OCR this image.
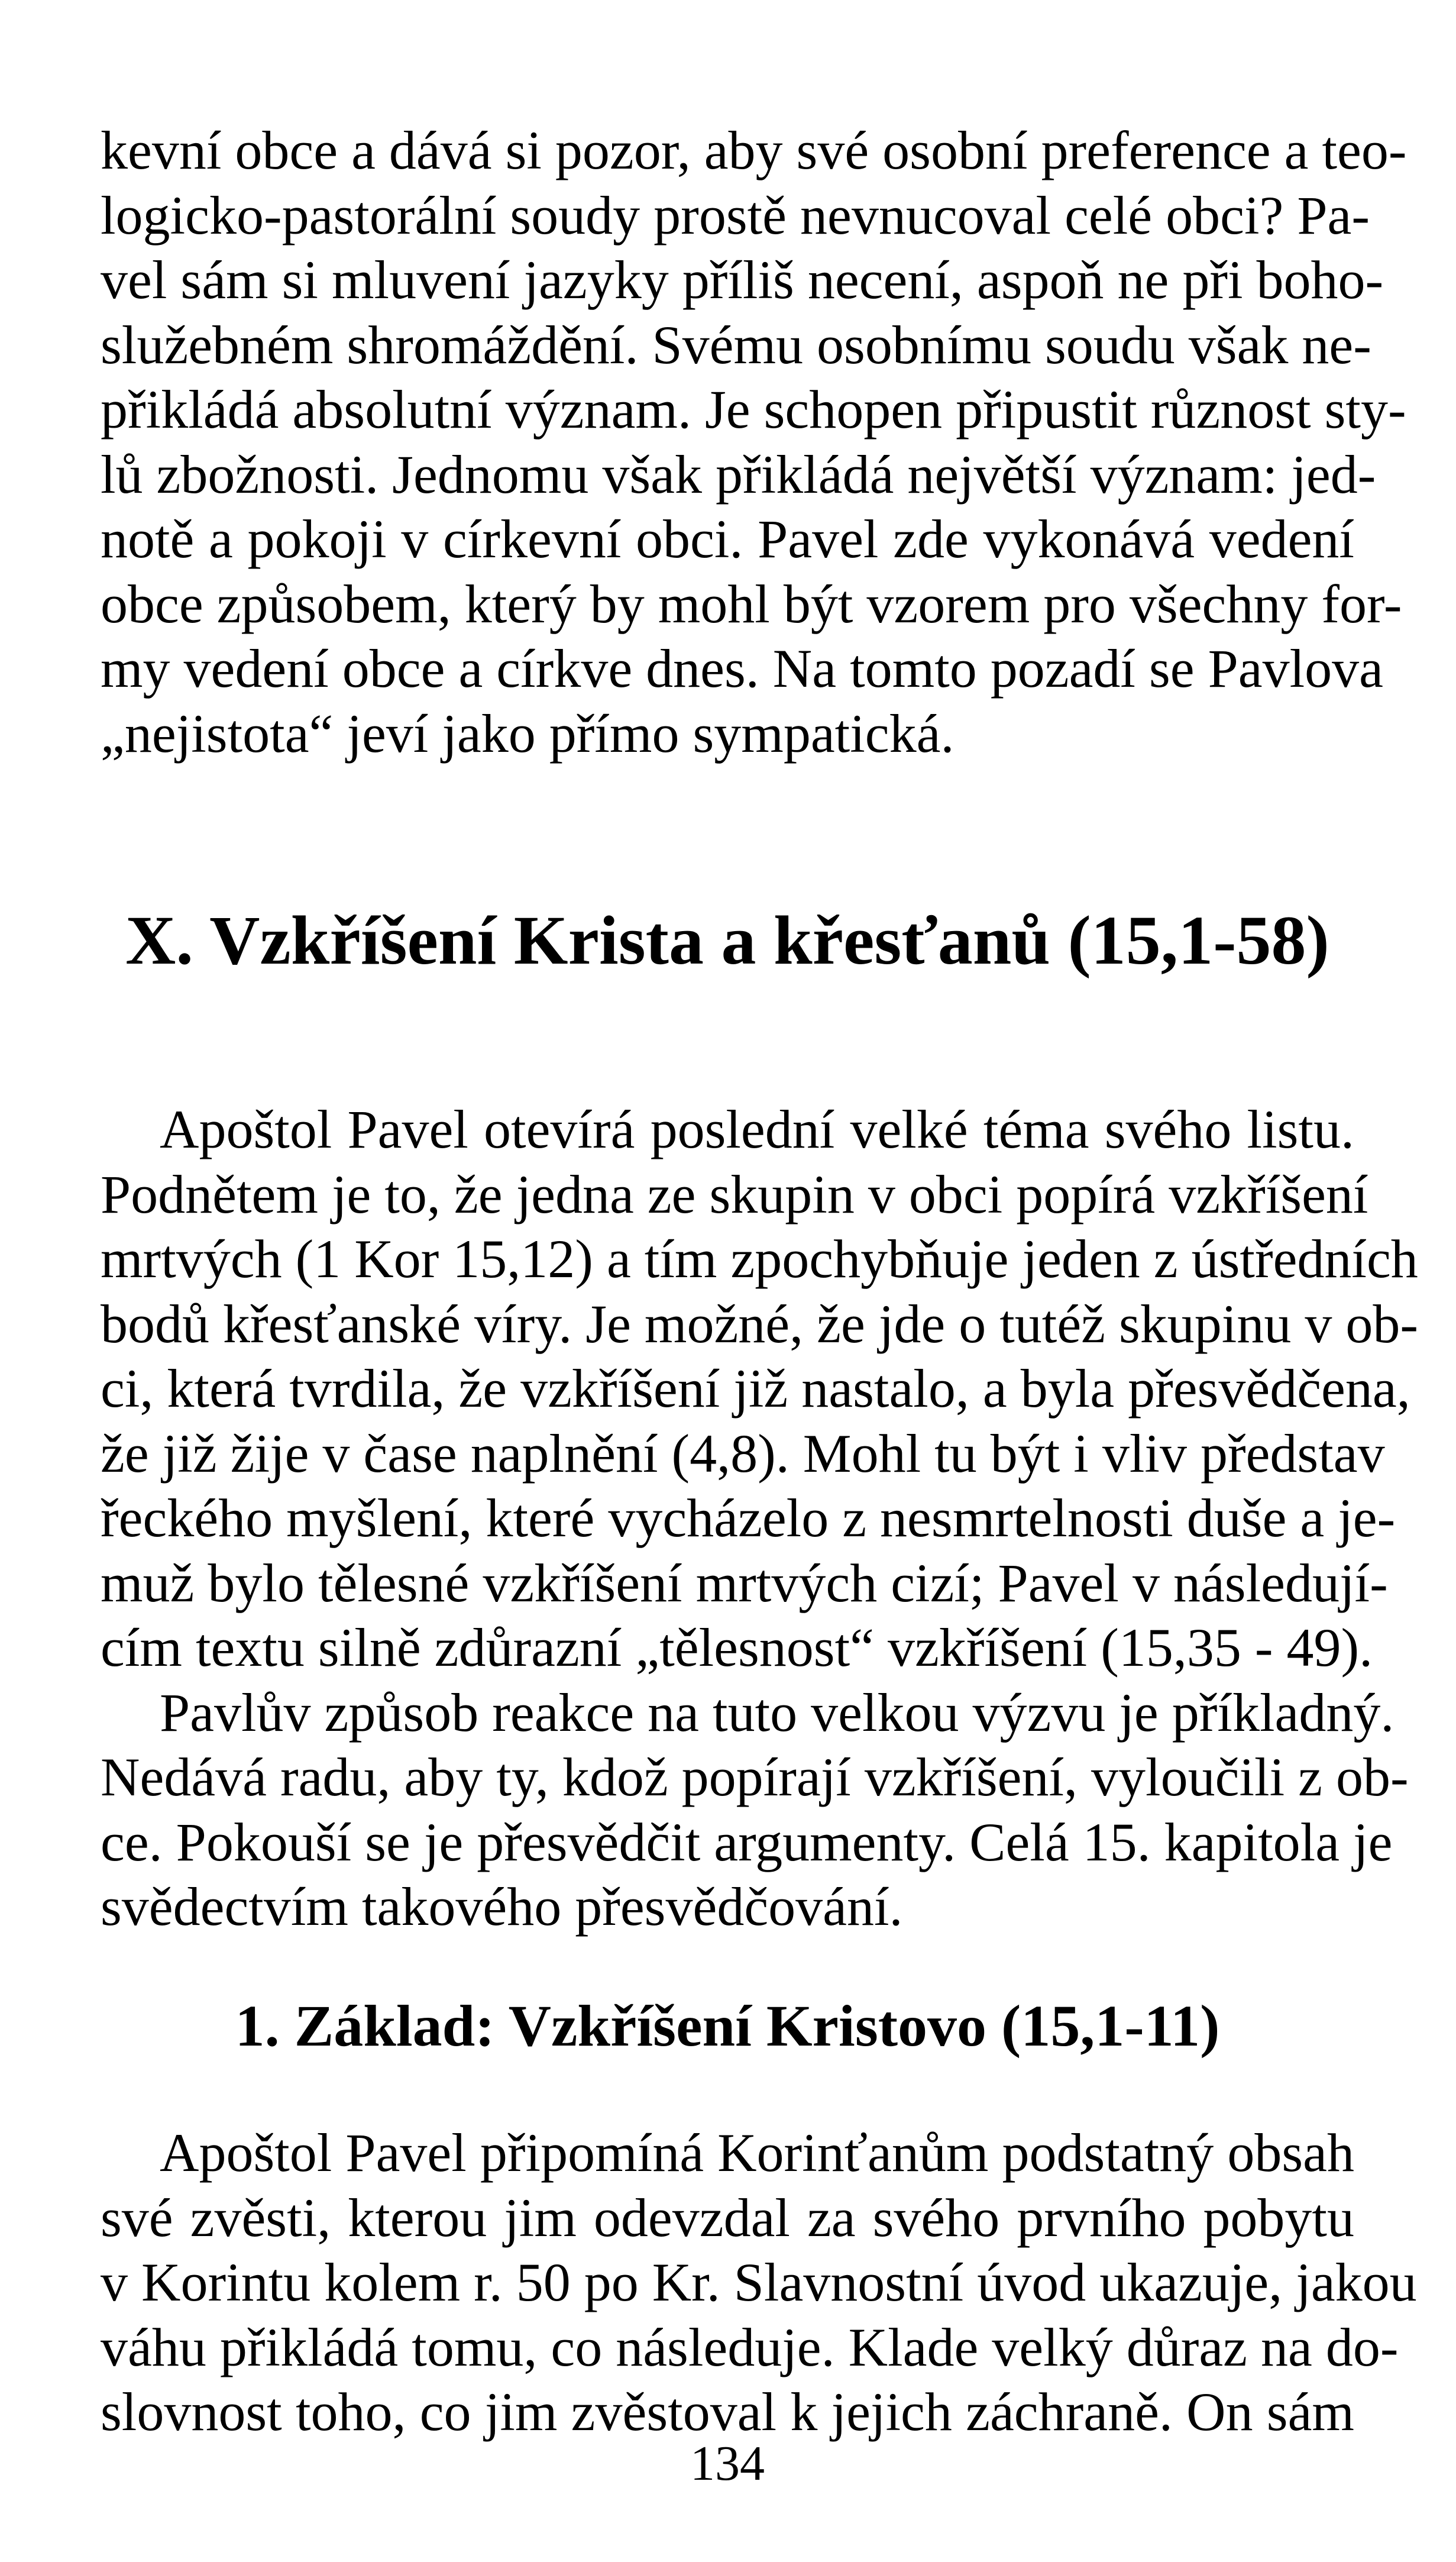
kevní obce a dává si pozor, aby své osobní preference a teo-
logicko-pastorální soudy prostě nevnucoval celé obci? Pa-
vel sám si mluvení jazyky příliš necení, aspoň ne při boho-
služebném shromáždění. Svému osobnímu soudu však ne-
přikládá absolutní význam. Je schopen připustit různost sty-
lů zbožnosti. Jednomu však přikládá největší význam: jed-
notě a pokoji v církevní obci. Pavel zde vykonává vedení
obce způsobem, který by mohl být vzorem pro všechny for-
my vedení obce a církve dnes. Na tomto pozadí se Pavlova
„nejistota“ jeví jako přímo sympatická.

X. Vzkříšení Krista a křesťanů (15,1-58)

Apoštol Pavel otevírá poslední velké téma svého listu.
Podnětem je to, že jedna ze skupin v obci popírá vzkříšení
mrtvých (1 Kor 15,12) a tím zpochybňuje jeden z ústředních
bodů křesťanské víry. Je možné, že jde o tutéž skupinu v ob-
ci, která tvrdila, že vzkříšení již nastalo, a byla přesvědčena,
že již žije v čase naplnění (4,8). Mohl tu být i vliv představ
řeckého myšlení, které vycházelo z nesmrtelnosti duše a je-
muž bylo tělesné vzkříšení mrtvých cizí; Pavel v následují-
cím textu silně zdůrazní „tělesnost“ vzkříšení (15,35 - 49).
Pavlův způsob reakce na tuto velkou výzvu je příkladný.
Nedává radu, aby ty, kdož popírají vzkříšení, vyloučili z ob-
ce. Pokouší se je přesvědčit argumenty. Celá 15. kapitola je
svědectvím takového přesvědčování.

1. Základ: Vzkříšení Kristovo (15,1-11)

Apoštol Pavel připomíná Korinťanům podstatný obsah
své zvěsti, kterou jim odevzdal za svého prvního pobytu
v Korintu kolem r. 50 po Kr. Slavnostní úvod ukazuje, jakou
váhu přikládá tomu, co následuje. Klade velký důraz na do-
slovnost toho, co jim zvěstoval k jejich záchraně. On sám

134
